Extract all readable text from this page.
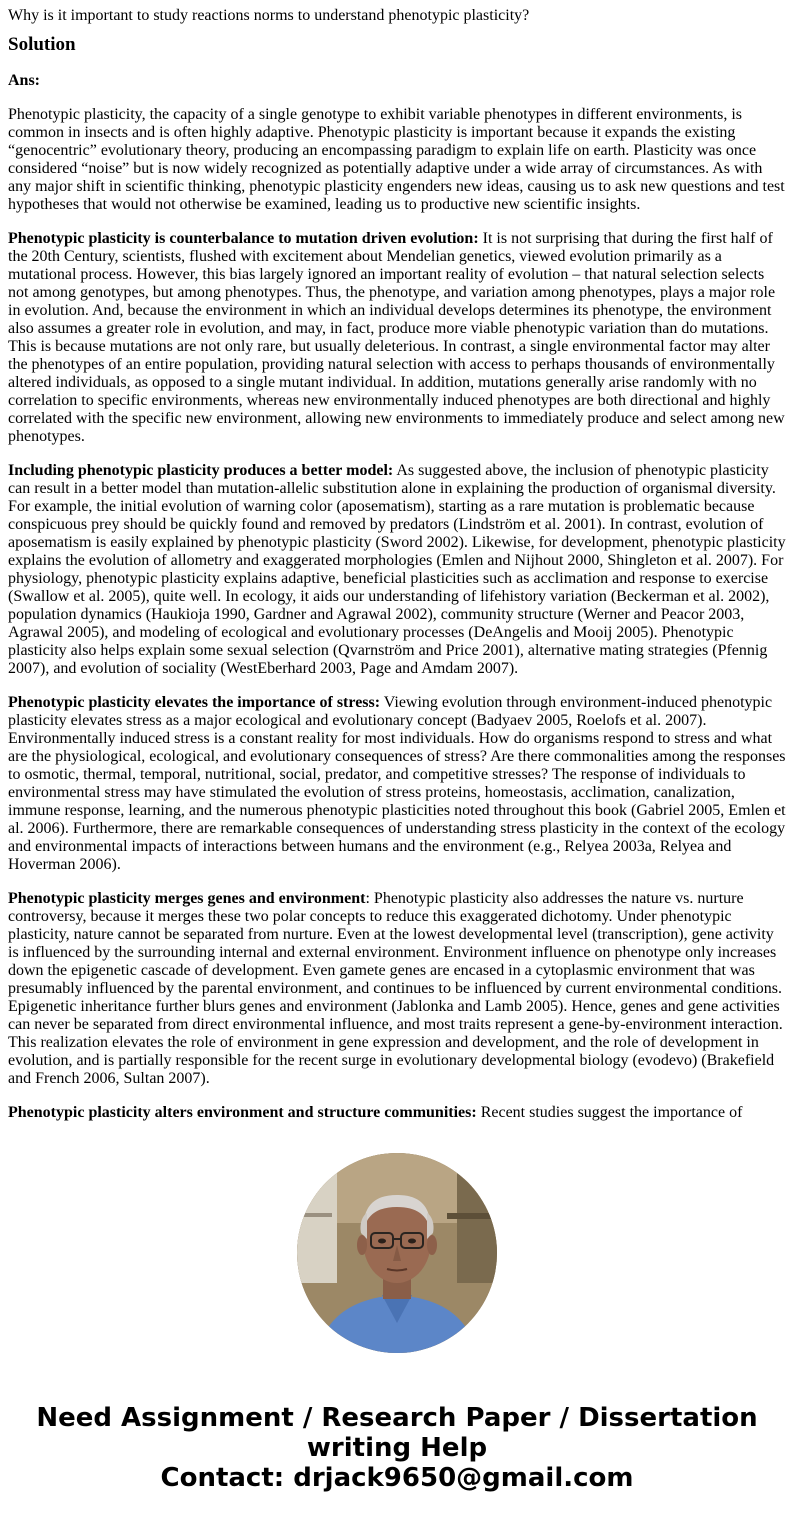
Why is it important to study reactions norms to understand phenotypic plasticity?
Solution
Ans:
Phenotypic plasticity, the capacity of a single genotype to exhibit variable phenotypes in different environments, is common in insects and is often highly adaptive. Phenotypic plasticity is important because it expands the existing “genocentric” evolutionary theory, producing an encompassing paradigm to explain life on earth. Plasticity was once considered “noise” but is now widely recognized as potentially adaptive under a wide array of circumstances. As with any major shift in scientific thinking, phenotypic plasticity engenders new ideas, causing us to ask new questions and test hypotheses that would not otherwise be examined, leading us to productive new scientific insights.
Phenotypic plasticity is counterbalance to mutation driven evolution: It is not surprising that during the first half of the 20th Century, scientists, flushed with excitement about Mendelian genetics, viewed evolution primarily as a mutational process. However, this bias largely ignored an important reality of evolution – that natural selection selects not among genotypes, but among phenotypes. Thus, the phenotype, and variation among phenotypes, plays a major role in evolution. And, because the environment in which an individual develops determines its phenotype, the environment also assumes a greater role in evolution, and may, in fact, produce more viable phenotypic variation than do mutations. This is because mutations are not only rare, but usually deleterious. In contrast, a single environmental factor may alter the phenotypes of an entire population, providing natural selection with access to perhaps thousands of environmentally altered individuals, as opposed to a single mutant individual. In addition, mutations generally arise randomly with no correlation to specific environments, whereas new environmentally induced phenotypes are both directional and highly correlated with the specific new environment, allowing new environments to immediately produce and select among new phenotypes.
Including phenotypic plasticity produces a better model: As suggested above, the inclusion of phenotypic plasticity can result in a better model than mutation-allelic substitution alone in explaining the production of organismal diversity. For example, the initial evolution of warning color (aposematism), starting as a rare mutation is problematic because conspicuous prey should be quickly found and removed by predators (Lindström et al. 2001). In contrast, evolution of aposematism is easily explained by phenotypic plasticity (Sword 2002). Likewise, for development, phenotypic plasticity explains the evolution of allometry and exaggerated morphologies (Emlen and Nijhout 2000, Shingleton et al. 2007). For physiology, phenotypic plasticity explains adaptive, beneficial plasticities such as acclimation and response to exercise (Swallow et al. 2005), quite well. In ecology, it aids our understanding of lifehistory variation (Beckerman et al. 2002), population dynamics (Haukioja 1990, Gardner and Agrawal 2002), community structure (Werner and Peacor 2003, Agrawal 2005), and modeling of ecological and evolutionary processes (DeAngelis and Mooij 2005). Phenotypic plasticity also helps explain some sexual selection (Qvarnström and Price 2001), alternative mating strategies (Pfennig 2007), and evolution of sociality (WestEberhard 2003, Page and Amdam 2007).
Phenotypic plasticity elevates the importance of stress: Viewing evolution through environment-induced phenotypic plasticity elevates stress as a major ecological and evolutionary concept (Badyaev 2005, Roelofs et al. 2007). Environmentally induced stress is a constant reality for most individuals. How do organisms respond to stress and what are the physiological, ecological, and evolutionary consequences of stress? Are there commonalities among the responses to osmotic, thermal, temporal, nutritional, social, predator, and competitive stresses? The response of individuals to environmental stress may have stimulated the evolution of stress proteins, homeostasis, acclimation, canalization, immune response, learning, and the numerous phenotypic plasticities noted throughout this book (Gabriel 2005, Emlen et al. 2006). Furthermore, there are remarkable consequences of understanding stress plasticity in the context of the ecology and environmental impacts of interactions between humans and the environment (e.g., Relyea 2003a, Relyea and Hoverman 2006).
Phenotypic plasticity merges genes and environment: Phenotypic plasticity also addresses the nature vs. nurture controversy, because it merges these two polar concepts to reduce this exaggerated dichotomy. Under phenotypic plasticity, nature cannot be separated from nurture. Even at the lowest developmental level (transcription), gene activity is influenced by the surrounding internal and external environment. Environment influence on phenotype only increases down the epigenetic cascade of development. Even gamete genes are encased in a cytoplasmic environment that was presumably influenced by the parental environment, and continues to be influenced by current environmental conditions. Epigenetic inheritance further blurs genes and environment (Jablonka and Lamb 2005). Hence, genes and gene activities can never be separated from direct environmental influence, and most traits represent a gene-by-environment interaction. This realization elevates the role of environment in gene expression and development, and the role of development in evolution, and is partially responsible for the recent surge in evolutionary developmental biology (evodevo) (Brakefield and French 2006, Sultan 2007).
Phenotypic plasticity alters environment and structure communities: Recent studies suggest the importance of
Need Assignment / Research Paper / Dissertation
writing Help
Contact: drjack9650@gmail.com
